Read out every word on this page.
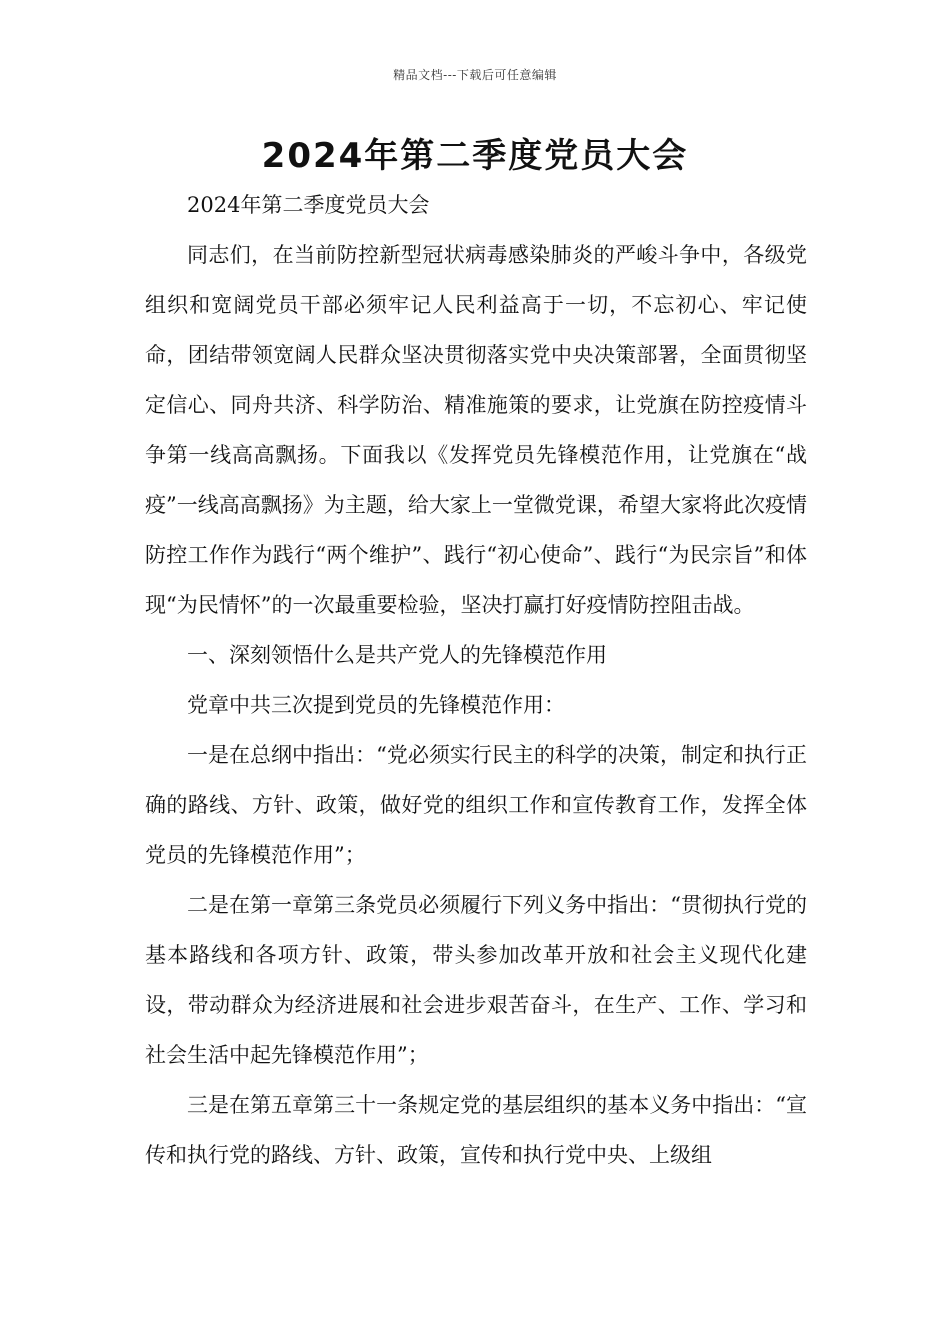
精品文档---下载后可任意编辑
2024年第二季度党员大会

2024年第二季度党员大会

同志们，在当前防控新型冠状病毒感染肺炎的严峻斗争中，各级党组织和宽阔党员干部必须牢记人民利益高于一切，不忘初心、牢记使命，团结带领宽阔人民群众坚决贯彻落实党中央决策部署，全面贯彻坚定信心、同舟共济、科学防治、精准施策的要求，让党旗在防控疫情斗争第一线高高飘扬。下面我以《发挥党员先锋模范作用，让党旗在“战疫”一线高高飘扬》为主题，给大家上一堂微党课，希望大家将此次疫情防控工作作为践行“两个维护”、践行“初心使命”、践行“为民宗旨”和体现“为民情怀”的一次最重要检验，坚决打赢打好疫情防控阻击战。

一、深刻领悟什么是共产党人的先锋模范作用

党章中共三次提到党员的先锋模范作用：

一是在总纲中指出：“党必须实行民主的科学的决策，制定和执行正确的路线、方针、政策，做好党的组织工作和宣传教育工作，发挥全体党员的先锋模范作用”；

二是在第一章第三条党员必须履行下列义务中指出：“贯彻执行党的基本路线和各项方针、政策，带头参加改革开放和社会主义现代化建设，带动群众为经济进展和社会进步艰苦奋斗，在生产、工作、学习和社会生活中起先锋模范作用”；

三是在第五章第三十一条规定党的基层组织的基本义务中指出：“宣传和执行党的路线、方针、政策，宣传和执行党中央、上级组
